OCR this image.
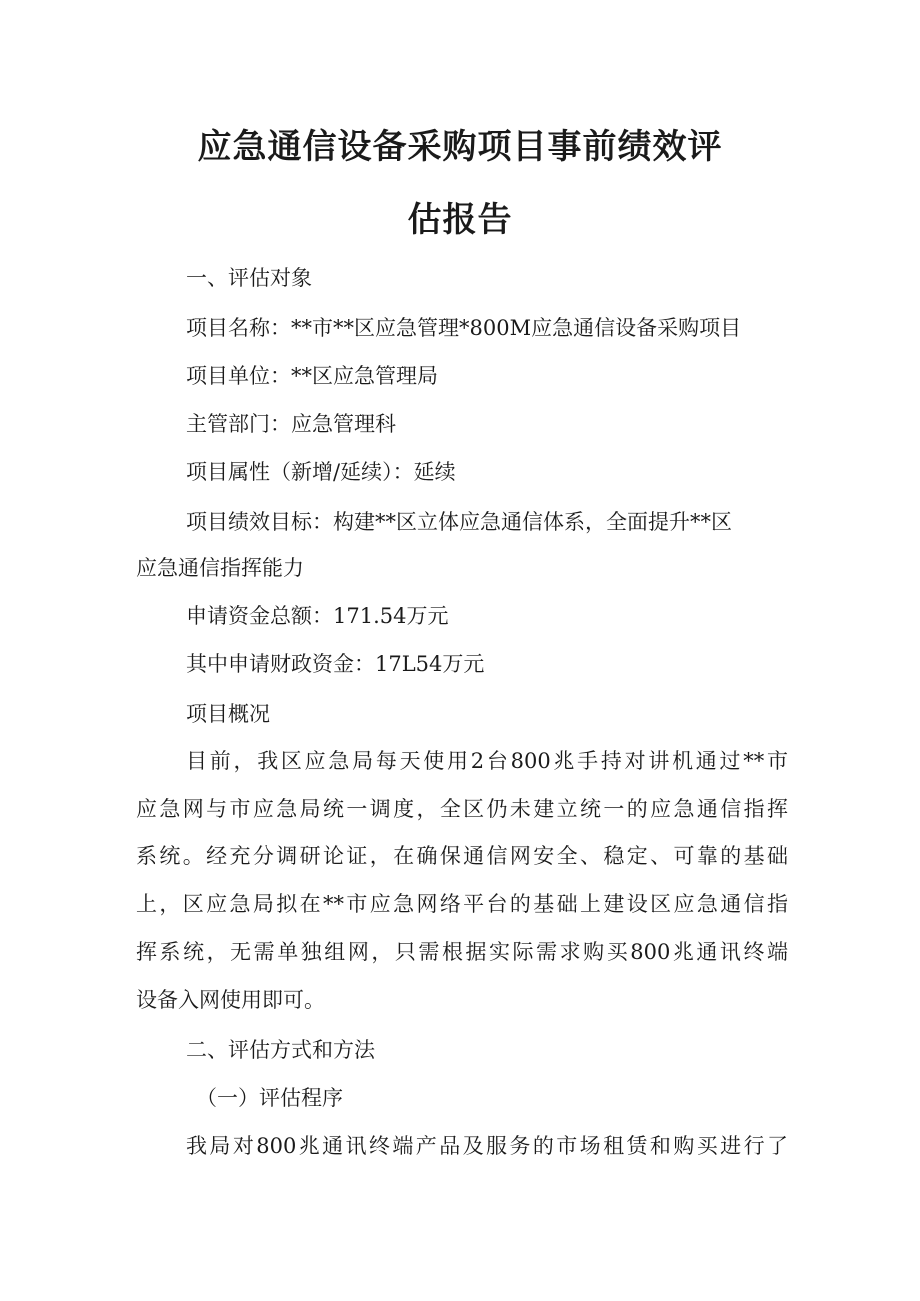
应急通信设备采购项目事前绩效评
估报告

一、评估对象

项目名称：**市**区应急管理*800M应急通信设备采购项目

项目单位：**区应急管理局

主管部门：应急管理科

项目属性（新增/延续）：延续

项目绩效目标：构建**区立体应急通信体系，全面提升**区

应急通信指挥能力

申请资金总额：171.54万元

其中申请财政资金：17L54万元

项目概况

目前，我区应急局每天使用2台800兆手持对讲机通过**市

应急网与市应急局统一调度，全区仍未建立统一的应急通信指挥

系统。经充分调研论证，在确保通信网安全、稳定、可靠的基础

上，区应急局拟在**市应急网络平台的基础上建设区应急通信指

挥系统，无需单独组网，只需根据实际需求购买800兆通讯终端

设备入网使用即可。

二、评估方式和方法

（一）评估程序

我局对800兆通讯终端产品及服务的市场租赁和购买进行了
